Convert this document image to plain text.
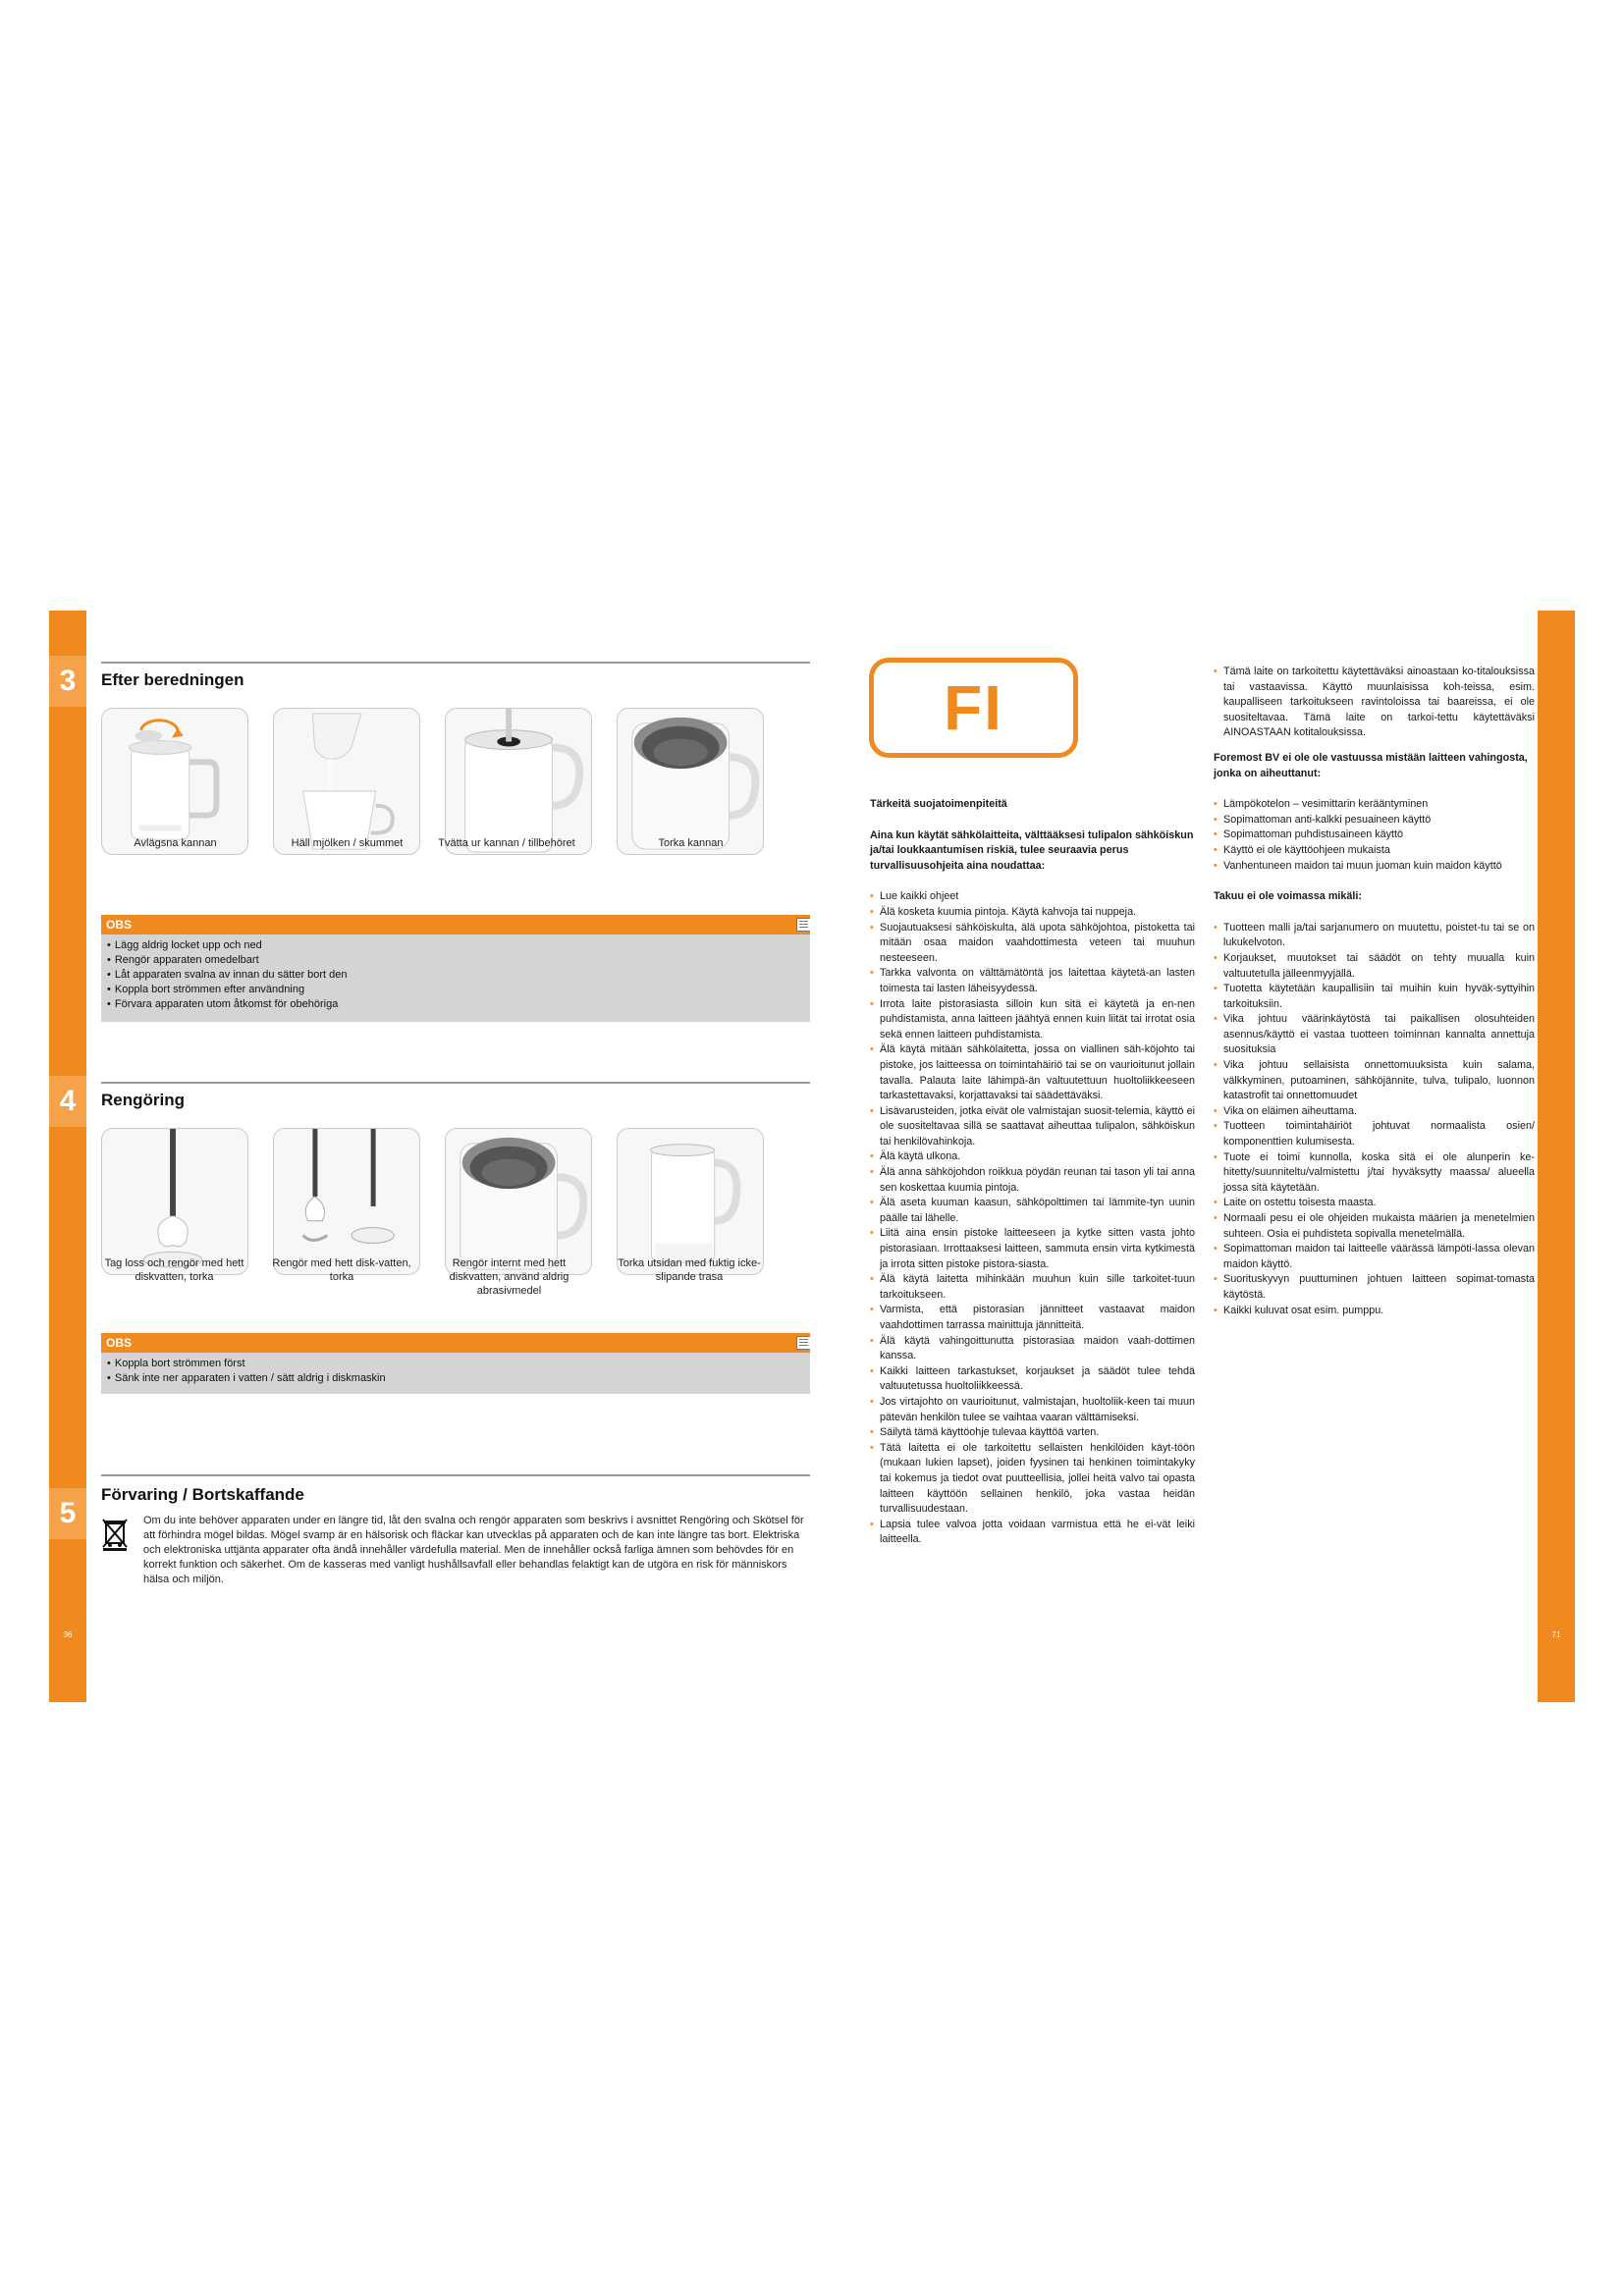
3
4
5
36
Efter beredningen
Avlägsna kannan	Häll mjölken / skummet	Tvätta ur kannan / tillbehöret	Torka kannan
OBS
• Lägg aldrig locket upp och ned
• Rengör apparaten omedelbart
• Låt apparaten svalna av innan du sätter bort den
• Koppla bort strömmen efter användning
• Förvara apparaten utom åtkomst för obehöriga
Rengöring
Tag loss och rengör med hett diskvatten, torka
Rengör med hett disk-vatten, torka
Rengör internt med hett diskvatten, använd aldrig abrasivmedel
Torka utsidan med fuktig icke-slipande trasa
OBS
• Koppla bort strömmen först
• Sänk inte ner apparaten i vatten / sätt aldrig i diskmaskin
Förvaring / Bortskaffande
Om du inte behöver apparaten under en längre tid, låt den svalna och rengör apparaten som beskrivs i avsnittet Rengöring och Skötsel för att förhindra mögel bildas. Mögel svamp är en hälsorisk och fläckar kan utvecklas på apparaten och de kan inte längre tas bort. Elektriska och elektroniska uttjänta apparater ofta ändå innehåller värdefulla material. Men de innehåller också farliga ämnen som behövdes för en korrekt funktion och säkerhet. Om de kasseras med vanligt hushållsavfall eller behandlas felaktigt kan de utgöra en risk för människors hälsa och miljön.
71
FI

Tärkeitä suojatoimenpiteitä

Aina kun käytät sähkölaitteita, välttääksesi tulipalon sähköiskun ja/tai loukkaantumisen riskiä, tulee seuraavia perus turvallisuusohjeita aina noudattaa:

• Lue kaikki ohjeet
• Älä kosketa kuumia pintoja. Käytä kahvoja tai nuppeja.
• Suojautuaksesi sähköiskulta, älä upota sähköjohtoa, pistoketta tai mitään osaa maidon vaahdottimesta veteen tai muuhun nesteeseen.
• Tarkka valvonta on välttämätöntä jos laitettaa käytetä-an lasten toimesta tai lasten läheisyydessä.
• Irrota laite pistorasiasta silloin kun sitä ei käytetä ja en-nen puhdistamista, anna laitteen jäähtyä ennen kuin liität tai irrotat osia sekä ennen laitteen puhdistamista.
• Älä käytä mitään sähkölaitetta, jossa on viallinen säh-köjohto tai pistoke, jos laitteessa on toimintahäiriö tai se on vaurioitunut jollain tavalla. Palauta laite lähimpä-än valtuutettuun huoltoliikkeeseen tarkastettavaksi, korjattavaksi tai säädettäväksi.
• Lisävarusteiden, jotka eivät ole valmistajan suosit-telemia, käyttö ei ole suositeltavaa sillä se saattavat aiheuttaa tulipalon, sähköiskun tai henkilövahinkoja.
• Älä käytä ulkona.
• Älä anna sähköjohdon roikkua pöydän reunan tai tason yli tai anna sen koskettaa kuumia pintoja.
• Älä aseta kuuman kaasun, sähköpolttimen tai lämmite-tyn uunin päälle tai lähelle.
• Liitä aina ensin pistoke laitteeseen ja kytke sitten vasta johto pistorasiaan. Irrottaaksesi laitteen, sammuta ensin virta kytkimestä ja irrota sitten pistoke pistora-siasta.
• Älä käytä laitetta mihinkään muuhun kuin sille tarkoitet-tuun tarkoitukseen.
• Varmista, että pistorasian jännitteet vastaavat maidon vaahdottimen tarrassa mainittuja jännitteitä.
• Älä käytä vahingoittunutta pistorasiaa maidon vaah-dottimen kanssa.
• Kaikki laitteen tarkastukset, korjaukset ja säädöt tulee tehdä valtuutetussa huoltoliikkeessä.
• Jos virtajohto on vaurioitunut, valmistajan, huoltoliik-keen tai muun pätevän henkilön tulee se vaihtaa vaaran välttämiseksi.
• Säilytä tämä käyttöohje tulevaa käyttöä varten.
• Tätä laitetta ei ole tarkoitettu sellaisten henkilöiden käyt-töön (mukaan lukien lapset), joiden fyysinen tai henkinen toimintakyky tai kokemus ja tiedot ovat puutteellisia, jollei heitä valvo tai opasta laitteen käyttöön sellainen henkilö, joka vastaa heidän turvallisuudestaan.
• Lapsia tulee valvoa jotta voidaan varmistua että he ei-vät leiki laitteella.
• Tämä laite on tarkoitettu käytettäväksi ainoastaan ko-titalouksissa tai vastaavissa. Käyttö muunlaisissa koh-teissa, esim. kaupalliseen tarkoitukseen ravintoloissa tai baareissa, ei ole suositeltavaa. Tämä laite on tarkoi-tettu käytettäväksi AINOASTAAN kotitalouksissa.

Foremost BV ei ole ole vastuussa mistään laitteen vahingosta, jonka on aiheuttanut:

• Lämpökotelon – vesimittarin kerääntyminen
• Sopimattoman anti-kalkki pesuaineen käyttö
• Sopimattoman puhdistusaineen käyttö
• Käyttö ei ole käyttöohjeen mukaista
• Vanhentuneen maidon tai muun juoman kuin maidon käyttö

Takuu ei ole voimassa mikäli:

• Tuotteen malli ja/tai sarjanumero on muutettu, poistet-tu tai se on lukukelvoton.
• Korjaukset, muutokset tai säädöt on tehty muualla kuin valtuutetulla jälleenmyyjällä.
• Tuotetta käytetään kaupallisiin tai muihin kuin hyväk-syttyihin tarkoituksiin.
• Vika johtuu väärinkäytöstä tai paikallisen olosuhteiden asennus/käyttö ei vastaa tuotteen toiminnan kannalta annettuja suosituksia
• Vika johtuu sellaisista onnettomuuksista kuin salama, välkkyminen, putoaminen, sähköjännite, tulva, tulipalo, luonnon katastrofit tai onnettomuudet
• Vika on eläimen aiheuttama.
• Tuotteen toimintahäiriöt johtuvat normaalista osien/ komponenttien kulumisesta.
• Tuote ei toimi kunnolla, koska sitä ei ole alunperin ke-hitetty/suunniteltu/valmistettu j/tai hyväksytty maassa/ alueella jossa sitä käytetään.
• Laite on ostettu toisesta maasta.
• Normaali pesu ei ole ohjeiden mukaista määrien ja menetelmien suhteen. Osia ei puhdisteta sopivalla menetelmällä.
• Sopimattoman maidon tai laitteelle väärässä lämpöti-lassa olevan maidon käyttö.
• Suorituskyvyn puuttuminen johtuen laitteen sopimat-tomasta käytöstä.
• Kaikki kuluvat osat esim. pumppu.
